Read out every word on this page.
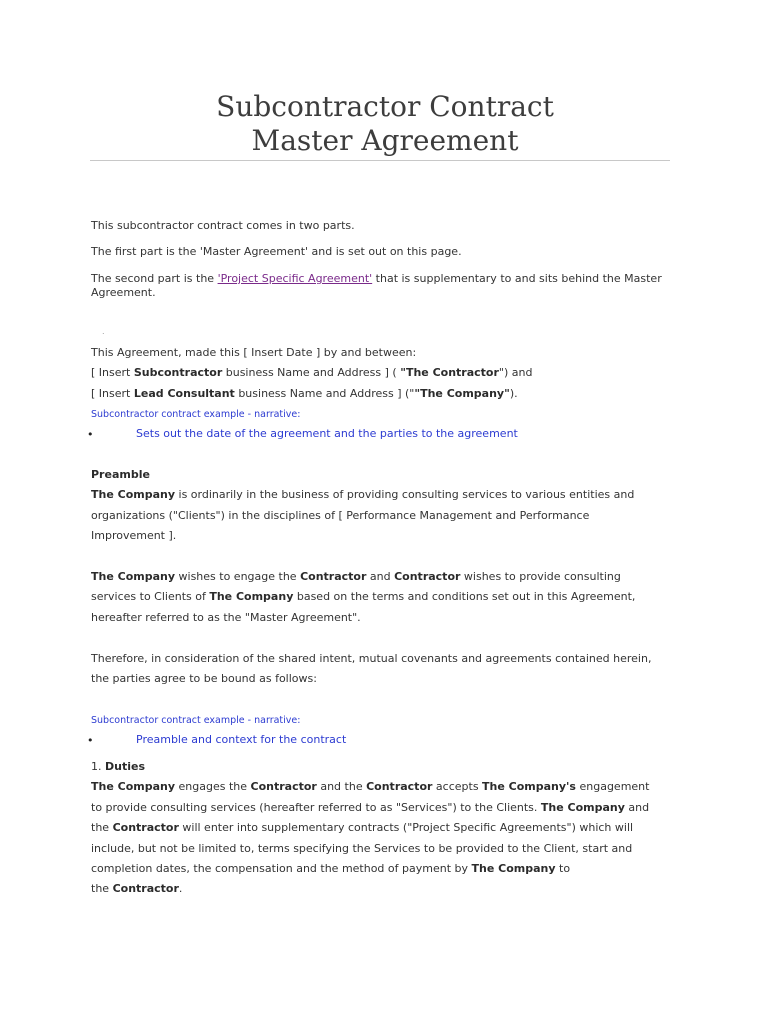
Subcontractor Contract
Master Agreement
This subcontractor contract comes in two parts.
The first part is the 'Master Agreement' and is set out on this page.
The second part is the 'Project Specific Agreement' that is supplementary to and sits behind the Master
Agreement.
.
This Agreement, made this [ Insert Date ] by and between:
[ Insert Subcontractor business Name and Address ] ( "The Contractor") and
[ Insert Lead Consultant business Name and Address ] (""The Company").
Subcontractor contract example - narrative:
•	Sets out the date of the agreement and the parties to the agreement
Preamble
The Company is ordinarily in the business of providing consulting services to various entities and
organizations ("Clients") in the disciplines of [ Performance Management and Performance
Improvement ].
The Company wishes to engage the Contractor and Contractor wishes to provide consulting
services to Clients of The Company based on the terms and conditions set out in this Agreement,
hereafter referred to as the "Master Agreement".
Therefore, in consideration of the shared intent, mutual covenants and agreements contained herein,
the parties agree to be bound as follows:
Subcontractor contract example - narrative:
•	Preamble and context for the contract
1. Duties
The Company engages the Contractor and the Contractor accepts The Company's engagement
to provide consulting services (hereafter referred to as "Services") to the Clients. The Company and
the Contractor will enter into supplementary contracts ("Project Specific Agreements") which will
include, but not be limited to, terms specifying the Services to be provided to the Client, start and
completion dates, the compensation and the method of payment by The Company to
the Contractor.
